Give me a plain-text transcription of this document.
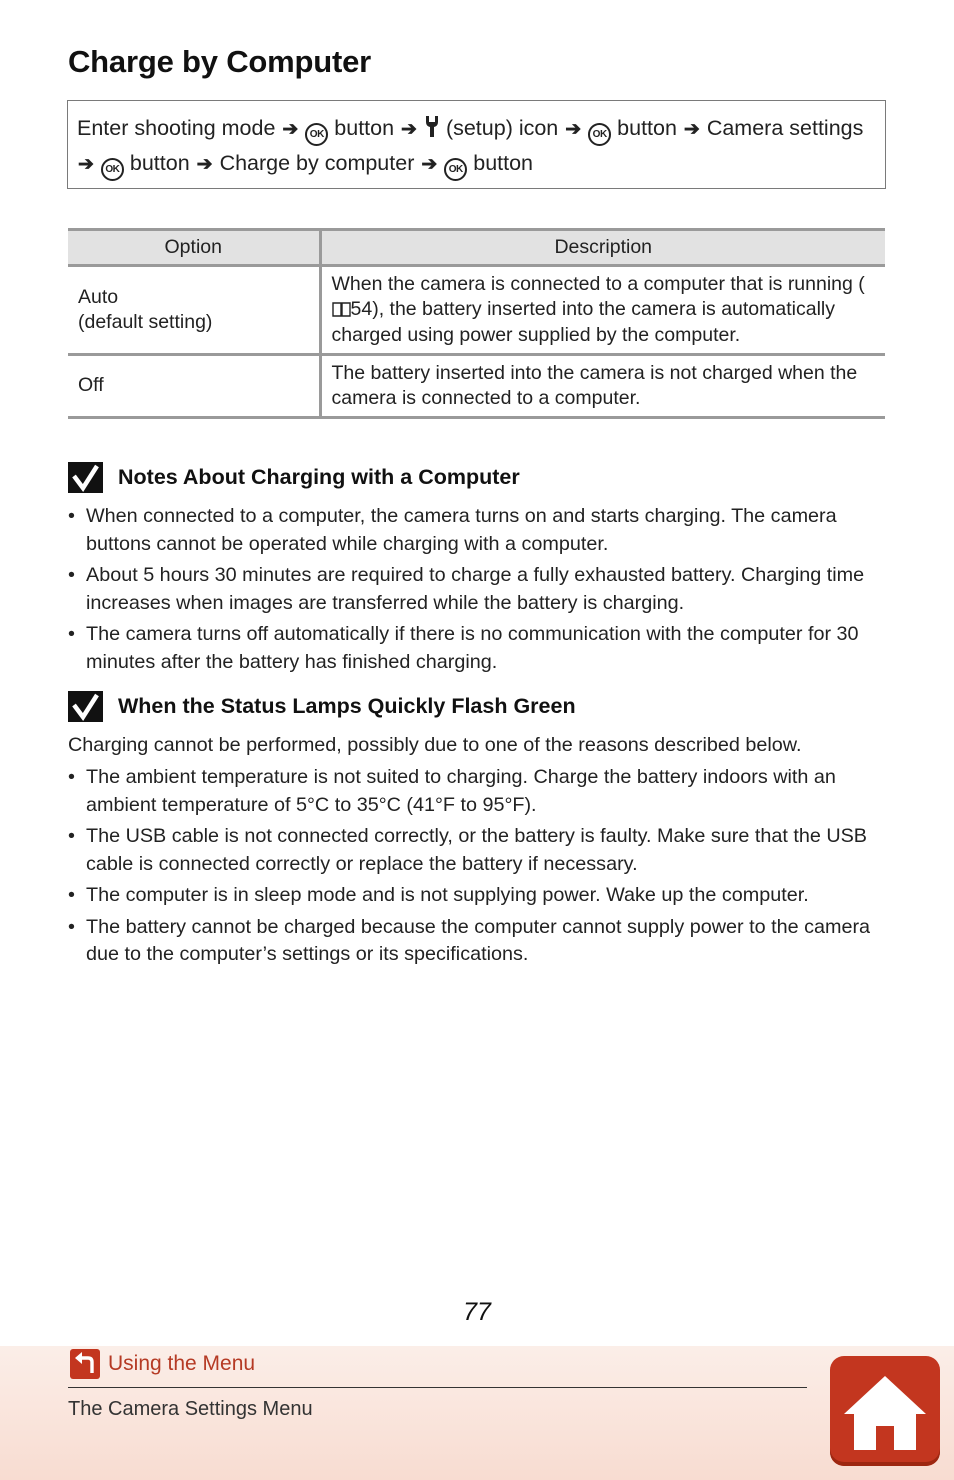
Charge by Computer
Enter shooting mode ➔ OK button ➔ (setup) icon ➔ OK button ➔ Camera settings ➔ OK button ➔ Charge by computer ➔ OK button
Option	Description
Auto
(default setting)	When the camera is connected to a computer that is running (54), the battery inserted into the camera is automatically charged using power supplied by the computer.
Off	The battery inserted into the camera is not charged when the camera is connected to a computer.
Notes About Charging with a Computer
• When connected to a computer, the camera turns on and starts charging. The camera buttons cannot be operated while charging with a computer.
• About 5 hours 30 minutes are required to charge a fully exhausted battery. Charging time increases when images are transferred while the battery is charging.
• The camera turns off automatically if there is no communication with the computer for 30 minutes after the battery has finished charging.
When the Status Lamps Quickly Flash Green

Charging cannot be performed, possibly due to one of the reasons described below.

• The ambient temperature is not suited to charging. Charge the battery indoors with an ambient temperature of 5°C to 35°C (41°F to 95°F).
• The USB cable is not connected correctly, or the battery is faulty. Make sure that the USB cable is connected correctly or replace the battery if necessary.
• The computer is in sleep mode and is not supplying power. Wake up the computer.
• The battery cannot be charged because the computer cannot supply power to the camera due to the computer’s settings or its specifications.
77
Using the Menu
The Camera Settings Menu
